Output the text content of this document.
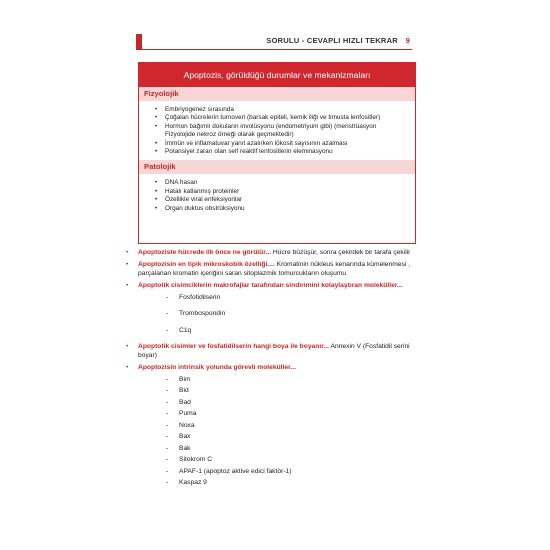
SORULU - CEVAPLI HIZLI TEKRAR 9
Apoptozis, görüldüğü durumlar ve mekanizmaları
Fizyolojik
• Embriyogenez sırasında
• Çoğalan hücrelerin turnoveri (barsak epiteli, kemik iliği ve timusta lenfositler)
• Hormon bağımlı dokuların involüsyonu (endometriyum gibi) (menstrüasyon Fizyolojide nekroz örneği olarak geçmektedir)
• İmmün ve inflamatuvar yanıt azalırken lökosit sayısının azalması
• Potansiyel zararı olan self reaktif lenfositlerin eleminasyonu
Patolojik
• DNA hasarı
• Hatalı katlanmış proteinler
• Özellikle viral enfeksiyonlar
• Organ duktus obstrüksiyonu
• Apoptoziste hücrede ilk önce ne görülür... Hücre büzüşür, sonra çekirdek bir tarafa çekilir
• Apoptozisin en tipik mikroskobik özelliği.... Kromatinin nükleus kenarında kümelenmesi , parçalanan kromatin içeriğini saran sitoplazmik tomurcukların oluşumu
• Apoptotik cisimciklerin makrofajlar tarafından sindirimini kolaylaştıran moleküller...
- Fosfotidilserin
- Trombospondin
- C1q
• Apoptotik cisimler ve fosfatidilserin hangi boya ile boyanır... Annexin V (Fosfatidil serini boyar)
• Apoptozisin intrinsik yolunda görevli moleküller...
- Bim
- Bid
- Bad
- Puma
- Noxa
- Bax
- Bak
- Sitokrom C
- APAF-1 (apoptoz aktive edici faktör-1)
- Kaspaz 9
